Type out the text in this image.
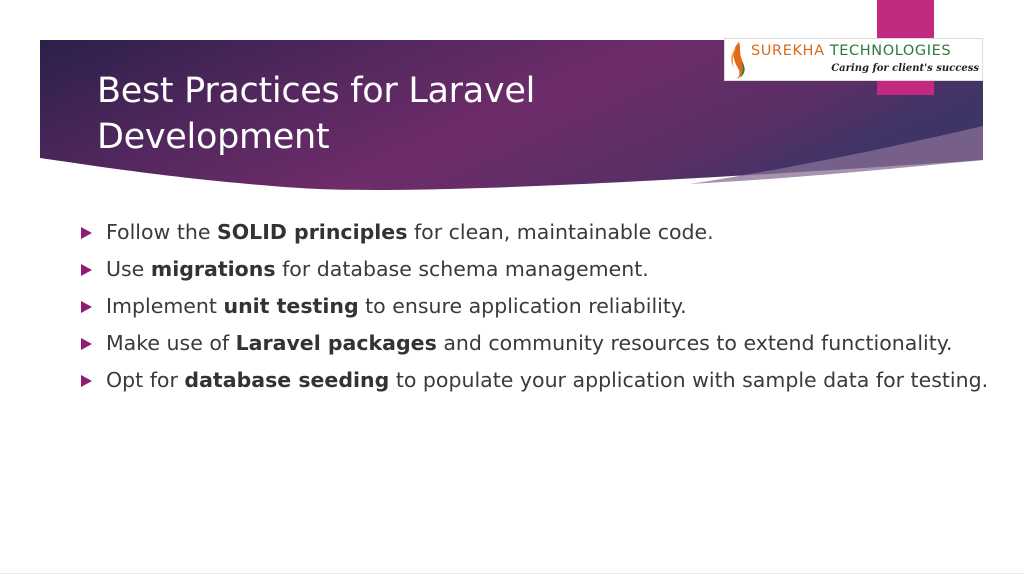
Best Practices for Laravel Development
SUREKHA TECHNOLOGIES
Caring for client's success
Follow the SOLID principles for clean, maintainable code.
Use migrations for database schema management.
Implement unit testing to ensure application reliability.
Make use of Laravel packages and community resources to extend functionality.
Opt for database seeding to populate your application with sample data for testing.
